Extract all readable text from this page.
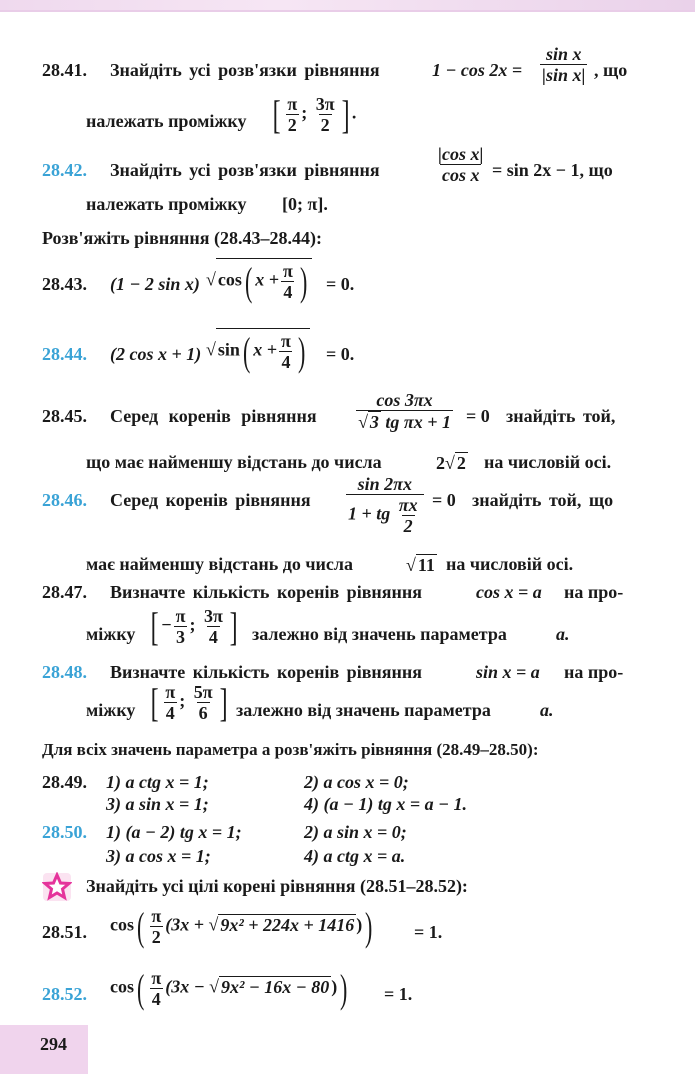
28.41. Знайдіть усі розв'язки рівняння	$1 - \cos 2x = \frac{\text{sin x}}{\text{|sin x|}}$ , що
належать проміжку [ $\frac{\pi}{2}$ ; $\frac{3\pi}{2}$ ] .
28.42. Знайдіть усі розв'язки рівняння	$\frac{\text{|cos x|}}{\text{cos x}} = \sin 2x - 1$, що
належать проміжку [0; π].
Розв'яжіть рівняння (28.43–28.44):
28.43. (1 − 2 sin x) √ cos( $x + \frac{\pi}{4}$ ) = 0.
28.44. (2 cos x + 1) √ sin( $x + \frac{\pi}{4}$ ) = 0.
28.45. Серед коренів рівняння $\frac{\cos 3\pi x}{\text{√ 3 tg πx + 1}} = 0$ знайдіть той,
що має найменшу відстань до числа	2√ 2 на числовій осі.
28.46. Серед коренів рівняння $\frac{\sin 2\pi x}{1 + tg \frac{\pi x}{2}} = 0$ знайдіть той, що
має найменшу відстань до числа	√ 11 на числовій осі.
28.47. Визначте кількість коренів рівняння	cos x = a на про-
міжку [ − $\frac{\pi}{3}$ ; $\frac{3\pi}{4}$ ] залежно від значень параметра	a.
28.48. Визначте кількість коренів рівняння	sin x = a на про-
міжку [ $\frac{\pi}{4}$ ; $\frac{5\pi}{6}$ ] залежно від значень параметра	a.
Для всіх значень параметра a розв'яжіть рівняння (28.49–28.50):
28.49. 1) a ctg x = 1;	2) a cos x = 0;
3) a sin x = 1;	4) (a − 1) tg x = a − 1.
28.50. 1) (a − 2) tg x = 1;	2) a sin x = 0;
3) a cos x = 1;	4) a ctg x = a.
Знайдіть усі цілі корені рівняння (28.51–28.52):
28.51. $\cos( \frac{\pi}{2} (3x$ + √ 9x² + 224x + 1416 )) = 1.
28.52. $\cos( \frac{\pi}{4} (3x$ − √ 9x² − 16x − 80 )) = 1.
294
